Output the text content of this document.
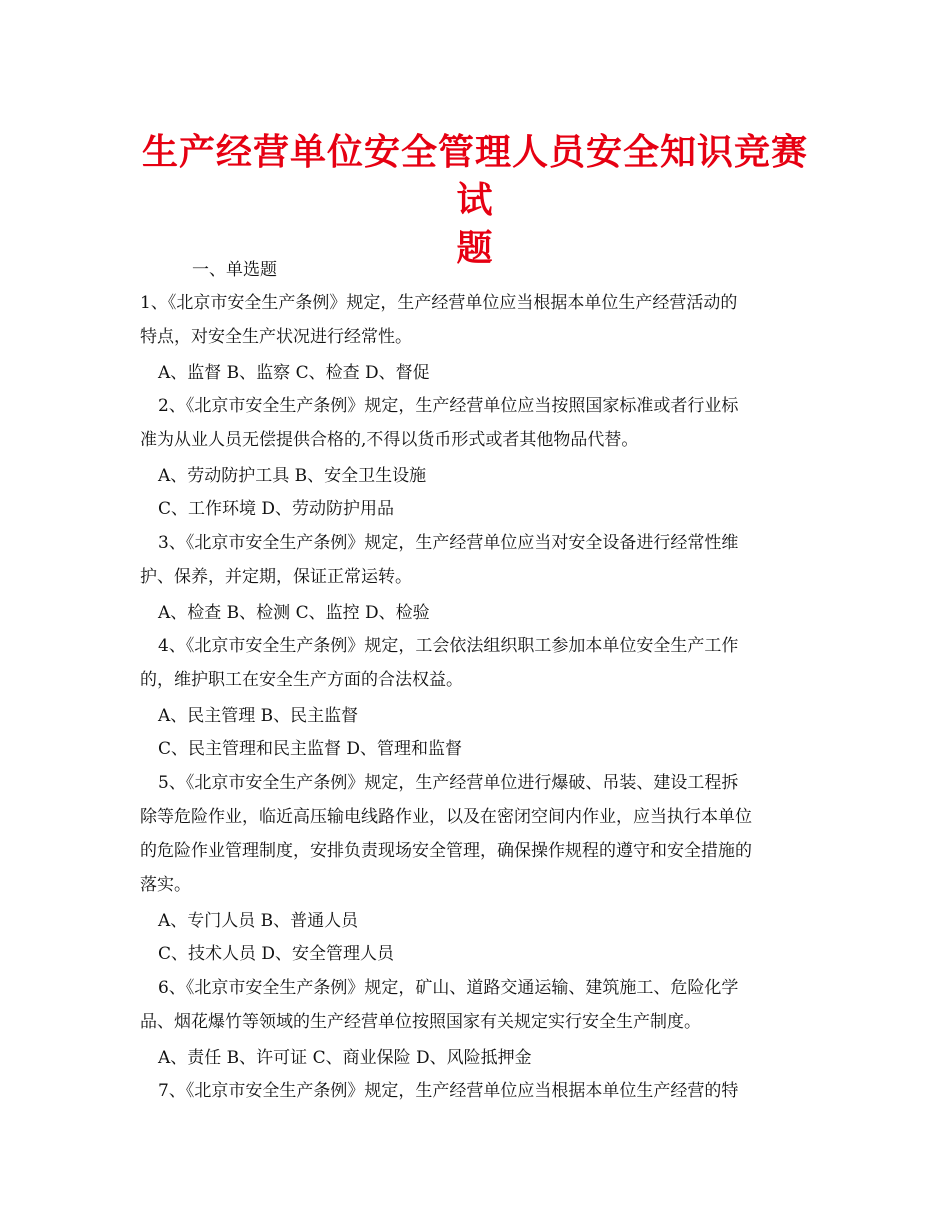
生产经营单位安全管理人员安全知识竞赛试
题
一、单选题
1、《北京市安全生产条例》规定，生产经营单位应当根据本单位生产经营活动的
特点，对安全生产状况进行经常性。
A、监督 B、监察 C、检查 D、督促
2、《北京市安全生产条例》规定，生产经营单位应当按照国家标准或者行业标
准为从业人员无偿提供合格的,不得以货币形式或者其他物品代替。
A、劳动防护工具 B、安全卫生设施
C、工作环境 D、劳动防护用品
3、《北京市安全生产条例》规定，生产经营单位应当对安全设备进行经常性维
护、保养，并定期，保证正常运转。
A、检查 B、检测 C、监控 D、检验
4、《北京市安全生产条例》规定，工会依法组织职工参加本单位安全生产工作
的，维护职工在安全生产方面的合法权益。
A、民主管理 B、民主监督
C、民主管理和民主监督 D、管理和监督
5、《北京市安全生产条例》规定，生产经营单位进行爆破、吊装、建设工程拆
除等危险作业，临近高压输电线路作业，以及在密闭空间内作业，应当执行本单位
的危险作业管理制度，安排负责现场安全管理，确保操作规程的遵守和安全措施的
落实。
A、专门人员 B、普通人员
C、技术人员 D、安全管理人员
6、《北京市安全生产条例》规定，矿山、道路交通运输、建筑施工、危险化学
品、烟花爆竹等领域的生产经营单位按照国家有关规定实行安全生产制度。
A、责任 B、许可证 C、商业保险 D、风险抵押金
7、《北京市安全生产条例》规定，生产经营单位应当根据本单位生产经营的特
